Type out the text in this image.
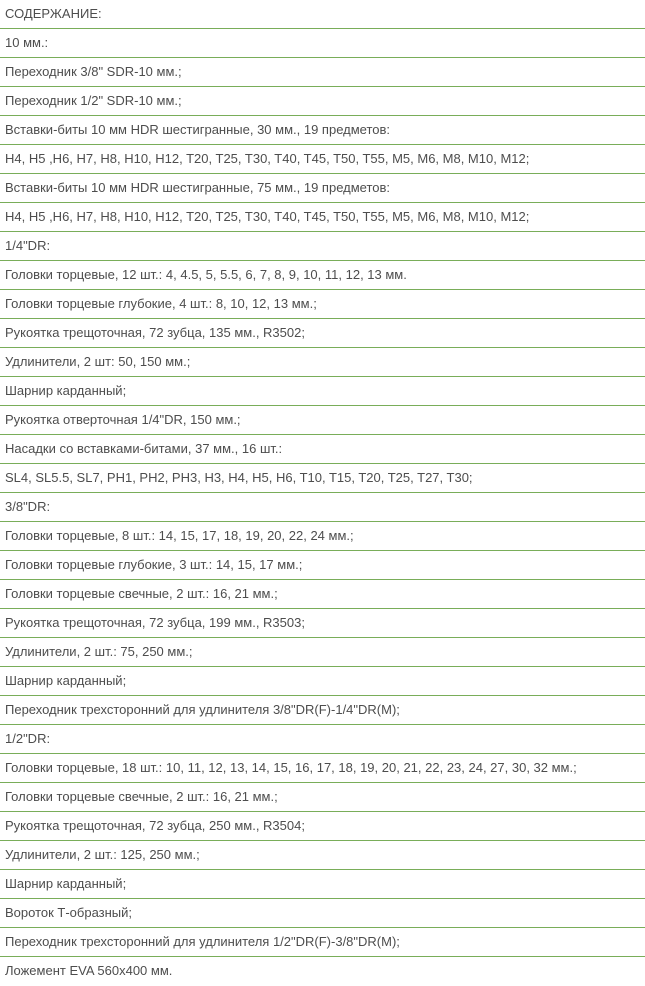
СОДЕРЖАНИЕ:
10 мм.:
Переходник 3/8" SDR-10 мм.;
Переходник 1/2" SDR-10 мм.;
Вставки-биты 10 мм HDR шестигранные, 30 мм., 19 предметов:
H4, H5 ,H6, H7, H8, H10, H12, T20, T25, T30, T40, T45, T50, T55, M5, M6, M8, M10, M12;
Вставки-биты 10 мм HDR шестигранные, 75 мм., 19 предметов:
H4, H5 ,H6, H7, H8, H10, H12, T20, T25, T30, T40, T45, T50, T55, M5, M6, M8, M10, M12;
1/4"DR:
Головки торцевые, 12 шт.: 4, 4.5, 5, 5.5, 6, 7, 8, 9, 10, 11, 12, 13 мм.
Головки торцевые глубокие, 4 шт.: 8, 10, 12, 13 мм.;
Рукоятка трещоточная, 72 зубца, 135 мм., R3502;
Удлинители, 2 шт: 50, 150 мм.;
Шарнир карданный;
Рукоятка отверточная 1/4"DR, 150 мм.;
Насадки со вставками-битами, 37 мм., 16 шт.:
SL4, SL5.5, SL7, PH1, PH2, PH3, H3, H4, H5, H6, T10, T15, T20, T25, T27, T30;
3/8"DR:
Головки торцевые, 8 шт.: 14, 15, 17, 18, 19, 20, 22, 24 мм.;
Головки торцевые глубокие, 3 шт.: 14, 15, 17 мм.;
Головки торцевые свечные, 2 шт.: 16, 21 мм.;
Рукоятка трещоточная, 72 зубца, 199 мм., R3503;
Удлинители, 2 шт.: 75, 250 мм.;
Шарнир карданный;
Переходник трехсторонний для удлинителя 3/8"DR(F)-1/4"DR(M);
1/2"DR:
Головки торцевые, 18 шт.: 10, 11, 12, 13, 14, 15, 16, 17, 18, 19, 20, 21, 22, 23, 24, 27, 30, 32 мм.;
Головки торцевые свечные, 2 шт.: 16, 21 мм.;
Рукоятка трещоточная, 72 зубца, 250 мм., R3504;
Удлинители, 2 шт.: 125, 250 мм.;
Шарнир карданный;
Вороток Т-образный;
Переходник трехсторонний для удлинителя 1/2"DR(F)-3/8"DR(M);
Ложемент EVA 560x400 мм.
